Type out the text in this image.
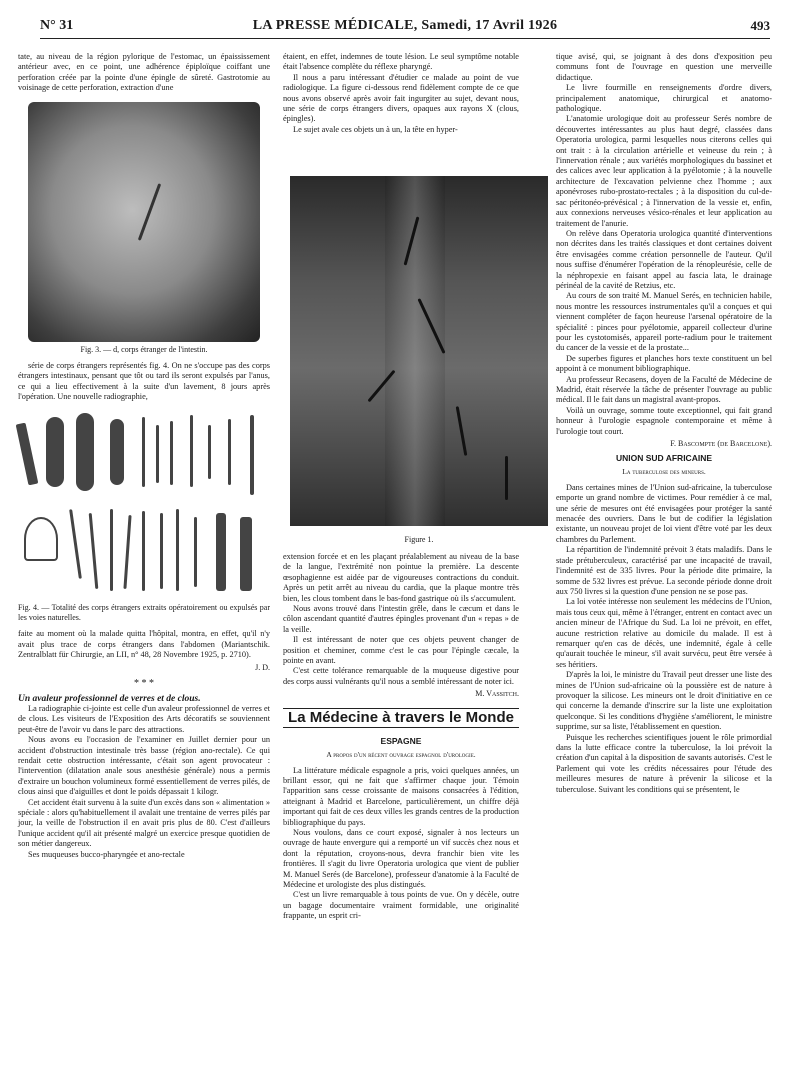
N° 31	LA PRESSE MÉDICALE, Samedi, 17 Avril 1926	493

tate, au niveau de la région pylorique de l'estomac, un épaississement antérieur avec, en ce point, une adhérence épiploïque coiffant une perforation créée par la pointe d'une épingle de sûreté. Gastrotomie au voisinage de cette perforation, extraction d'une

Fig. 3. — d, corps étranger de l'intestin.

série de corps étrangers représentés fig. 4. On ne s'occupe pas des corps étrangers intestinaux, pensant que tôt ou tard ils seront expulsés par l'anus, ce qui a lieu effectivement à la suite d'un lavement, 8 jours après l'opération. Une nouvelle radiographie,

Fig. 4. — Totalité des corps étrangers extraits opératoirement ou expulsés par les voies naturelles.

faite au moment où la malade quitta l'hôpital, montra, en effet, qu'il n'y avait plus trace de corps étrangers dans l'abdomen (Mariantschik. Zentralblatt für Chirurgie, an LII, n° 48, 28 Novembre 1925, p. 2710).

J. D.
* * *

Un avaleur professionnel de verres et de clous.

La radiographie ci-jointe est celle d'un avaleur professionnel de verres et de clous. Les visiteurs de l'Exposition des Arts décoratifs se souviennent peut-être de l'avoir vu dans le parc des attractions.

Nous avons eu l'occasion de l'examiner en Juillet dernier pour un accident d'obstruction intestinale très basse (région ano-rectale). Ce qui rendait cette obstruction intéressante, c'était son agent provocateur : l'intervention (dilatation anale sous anesthésie générale) nous a permis d'extraire un bouchon volumineux formé essentiellement de verres pilés, de clous ainsi que d'aiguilles et dont le poids dépassait 1 kilogr.

Cet accident était survenu à la suite d'un excès dans son « alimentation » spéciale : alors qu'habituellement il avalait une trentaine de verres pilés par jour, la veille de l'obstruction il en avait pris plus de 80. C'est d'ailleurs l'unique accident qu'il ait présenté malgré un exercice presque quotidien de son métier dangereux.

Ses muqueuses bucco-pharyngée et ano-rectale

étaient, en effet, indemnes de toute lésion. Le seul symptôme notable était l'absence complète du réflexe pharyngé.

Il nous a paru intéressant d'étudier ce malade au point de vue radiologique. La figure ci-dessous rend fidèlement compte de ce que nous avons observé après avoir fait ingurgiter au sujet, devant nous, une série de corps étrangers divers, opaques aux rayons X (clous, épingles).

Le sujet avale ces objets un à un, la tête en hyper-

Figure 1.

extension forcée et en les plaçant préalablement au niveau de la base de la langue, l'extrémité non pointue la première. La descente œsophagienne est aidée par de vigoureuses contractions du conduit. Après un petit arrêt au niveau du cardia, que la plaque montre très bien, les clous tombent dans le bas-fond gastrique où ils s'accumulent.

Nous avons trouvé dans l'intestin grêle, dans le cæcum et dans le côlon ascendant quantité d'autres épingles provenant d'un « repas » de la veille.

Il est intéressant de noter que ces objets peuvent changer de position et cheminer, comme c'est le cas pour l'épingle cæcale, la pointe en avant.

C'est cette tolérance remarquable de la muqueuse digestive pour des corps aussi vulnérants qu'il nous a semblé intéressant de noter ici.

M. Vassitch.
La Médecine à travers le Monde
ESPAGNE
A propos d'un récent ouvrage espagnol d'urologie.

La littérature médicale espagnole a pris, voici quelques années, un brillant essor, qui ne fait que s'affirmer chaque jour. Témoin l'apparition sans cesse croissante de maisons consacrées à l'édition, atteignant à Madrid et Barcelone, particulièrement, un chiffre déjà important qui fait de ces deux villes les grands centres de la production bibliographique du pays.

Nous voulons, dans ce court exposé, signaler à nos lecteurs un ouvrage de haute envergure qui a remporté un vif succès chez nous et dont la réputation, croyons-nous, devra franchir bien vite les frontières. Il s'agit du livre Operatoria urologica que vient de publier M. Manuel Serés (de Barcelone), professeur d'anatomie à la Faculté de Médecine et urologiste des plus distingués.

C'est un livre remarquable à tous points de vue. On y décèle, outre un bagage documentaire vraiment formidable, une originalité frappante, un esprit cri-

tique avisé, qui, se joignant à des dons d'exposition peu communs font de l'ouvrage en question une merveille didactique.

Le livre fourmille en renseignements d'ordre divers, principalement anatomique, chirurgical et anatomo-pathologique.

L'anatomie urologique doit au professeur Serés nombre de découvertes intéressantes au plus haut degré, classées dans Operatoria urologica, parmi lesquelles nous citerons celles qui ont trait : à la circulation artérielle et veineuse du rein ; à l'innervation rénale ; aux variétés morphologiques du bassinet et des calices avec leur application à la pyélotomie ; à la nouvelle architecture de l'excavation pelvienne chez l'homme ; aux aponévroses rubo-prostato-rectales ; à la disposition du cul-de-sac péritonéo-prévésical ; à l'innervation de la vessie et, enfin, aux connexions nerveuses vésico-rénales et leur application au traitement de l'anurie.

On relève dans Operatoria urologica quantité d'interventions non décrites dans les traités classiques et dont certaines doivent être envisagées comme création personnelle de l'auteur. Qu'il nous suffise d'énumérer l'opération de la rénopleurésie, celle de la néphropexie en faisant appel au fascia lata, le drainage périnéal de la cavité de Retzius, etc.

Au cours de son traité M. Manuel Serés, en technicien habile, nous montre les ressources instrumentales qu'il a conçues et qui viennent compléter de façon heureuse l'arsenal opératoire de la spécialité : pinces pour pyélotomie, appareil collecteur d'urine pour les cystotomisés, appareil porte-radium pour le traitement du cancer de la vessie et de la prostate...

De superbes figures et planches hors texte constituent un bel appoint à ce monument bibliographique.

Au professeur Recasens, doyen de la Faculté de Médecine de Madrid, était réservée la tâche de présenter l'ouvrage au public médical. Il le fait dans un magistral avant-propos.

Voilà un ouvrage, somme toute exceptionnel, qui fait grand honneur à l'urologie espagnole contemporaine et même à l'urologie tout court.

F. Bascompte (de Barcelone).
UNION SUD AFRICAINE
La tuberculose des mineurs.

Dans certaines mines de l'Union sud-africaine, la tuberculose emporte un grand nombre de victimes. Pour remédier à ce mal, une série de mesures ont été envisagées pour protéger la santé menacée des ouvriers. Dans le but de codifier la législation existante, un nouveau projet de loi vient d'être voté par les deux chambres du Parlement.

La répartition de l'indemnité prévoit 3 états maladifs. Dans le stade prétuberculeux, caractérisé par une incapacité de travail, l'indemnité est de 335 livres. Pour la période dite primaire, la somme de 532 livres est prévue. La seconde période donne droit aux 750 livres si la question d'une pension ne se pose pas.

La loi votée intéresse non seulement les médecins de l'Union, mais tous ceux qui, même à l'étranger, entrent en contact avec un ancien mineur de l'Afrique du Sud. La loi ne prévoit, en effet, aucune restriction relative au domicile du malade. Il est à remarquer qu'en cas de décès, une indemnité, égale à celle qu'aurait touchée le mineur, s'il avait survécu, peut être versée à ses héritiers.

D'après la loi, le ministre du Travail peut dresser une liste des mines de l'Union sud-africaine où la poussière est de nature à provoquer la silicose. Les mineurs ont le droit d'initiative en ce qui concerne la demande d'inscrire sur la liste une exploitation quelconque. Si les conditions d'hygiène s'améliorent, le ministre supprime, sur sa liste, l'établissement en question.

Puisque les recherches scientifiques jouent le rôle primordial dans la lutte efficace contre la tuberculose, la loi prévoit la création d'un capital à la disposition de savants autorisés. C'est le Parlement qui vote les crédits nécessaires pour l'étude des meilleures mesures de nature à prévenir la silicose et la tuberculose. Suivant les conditions qui se présentent, le
